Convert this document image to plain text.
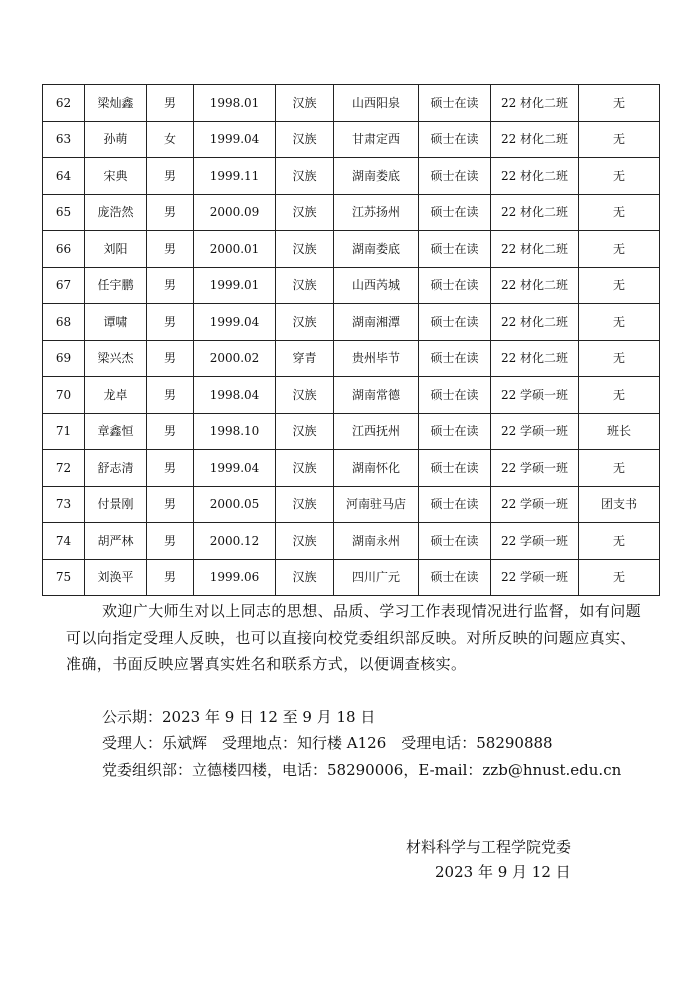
62	梁灿鑫	男	1998.01	汉族	山西阳泉	硕士在读	22 材化二班	无
63	孙萌	女	1999.04	汉族	甘肃定西	硕士在读	22 材化二班	无
64	宋典	男	1999.11	汉族	湖南娄底	硕士在读	22 材化二班	无
65	庞浩然	男	2000.09	汉族	江苏扬州	硕士在读	22 材化二班	无
66	刘阳	男	2000.01	汉族	湖南娄底	硕士在读	22 材化二班	无
67	任宇鹏	男	1999.01	汉族	山西芮城	硕士在读	22 材化二班	无
68	谭啸	男	1999.04	汉族	湖南湘潭	硕士在读	22 材化二班	无
69	梁兴杰	男	2000.02	穿青	贵州毕节	硕士在读	22 材化二班	无
70	龙卓	男	1998.04	汉族	湖南常德	硕士在读	22 学硕一班	无
71	章鑫恒	男	1998.10	汉族	江西抚州	硕士在读	22 学硕一班	班长
72	舒志清	男	1999.04	汉族	湖南怀化	硕士在读	22 学硕一班	无
73	付景刚	男	2000.05	汉族	河南驻马店	硕士在读	22 学硕一班	团支书
74	胡严林	男	2000.12	汉族	湖南永州	硕士在读	22 学硕一班	无
75	刘涣平	男	1999.06	汉族	四川广元	硕士在读	22 学硕一班	无

欢迎广大师生对以上同志的思想、品质、学习工作表现情况进行监督，如有问题可以向指定受理人反映，也可以直接向校党委组织部反映。对所反映的问题应真实、准确，书面反映应署真实姓名和联系方式，以便调查核实。

公示期：2023 年 9 日 12 至 9 月 18 日

受理人：乐斌辉　受理地点：知行楼 A126　受理电话：58290888

党委组织部：立德楼四楼，电话：58290006，E-mail：zzb@hnust.edu.cn

材料科学与工程学院党委

2023 年 9 月 12 日
